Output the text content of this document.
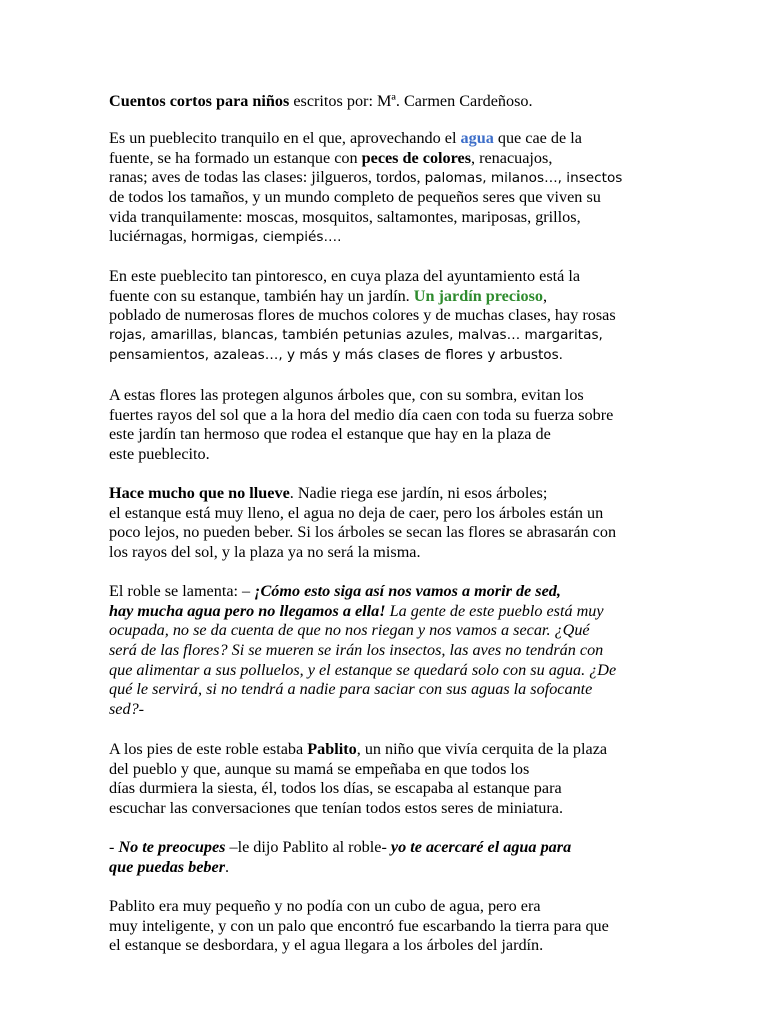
Cuentos cortos para niños escritos por: Mª. Carmen Cardeñoso.

Es un pueblecito tranquilo en el que, aprovechando el agua que cae de la
fuente, se ha formado un estanque con peces de colores, renacuajos,
ranas; aves de todas las clases: jilgueros, tordos, palomas, milanos…, insectos
de todos los tamaños, y un mundo completo de pequeños seres que viven su
vida tranquilamente: moscas, mosquitos, saltamontes, mariposas, grillos,
luciérnagas, hormigas, ciempiés….

En este pueblecito tan pintoresco, en cuya plaza del ayuntamiento está la
fuente con su estanque, también hay un jardín. Un jardín precioso,
poblado de numerosas flores de muchos colores y de muchas clases, hay rosas
rojas, amarillas, blancas, también petunias azules, malvas… margaritas,
pensamientos, azaleas…, y más y más clases de flores y arbustos.

A estas flores las protegen algunos árboles que, con su sombra, evitan los
fuertes rayos del sol que a la hora del medio día caen con toda su fuerza sobre
este jardín tan hermoso que rodea el estanque que hay en la plaza de
este pueblecito.

Hace mucho que no llueve. Nadie riega ese jardín, ni esos árboles;
el estanque está muy lleno, el agua no deja de caer, pero los árboles están un
poco lejos, no pueden beber. Si los árboles se secan las flores se abrasarán con
los rayos del sol, y la plaza ya no será la misma.

El roble se lamenta: – ¡Cómo esto siga así nos vamos a morir de sed,
hay mucha agua pero no llegamos a ella! La gente de este pueblo está muy
ocupada, no se da cuenta de que no nos riegan y nos vamos a secar. ¿Qué
será de las flores? Si se mueren se irán los insectos, las aves no tendrán con
que alimentar a sus polluelos, y el estanque se quedará solo con su agua. ¿De
qué le servirá, si no tendrá a nadie para saciar con sus aguas la sofocante
sed?-

A los pies de este roble estaba Pablito, un niño que vivía cerquita de la plaza
del pueblo y que, aunque su mamá se empeñaba en que todos los
días durmiera la siesta, él, todos los días, se escapaba al estanque para
escuchar las conversaciones que tenían todos estos seres de miniatura.

- No te preocupes –le dijo Pablito al roble- yo te acercaré el agua para
que puedas beber.

Pablito era muy pequeño y no podía con un cubo de agua, pero era
muy inteligente, y con un palo que encontró fue escarbando la tierra para que
el estanque se desbordara, y el agua llegara a los árboles del jardín.
